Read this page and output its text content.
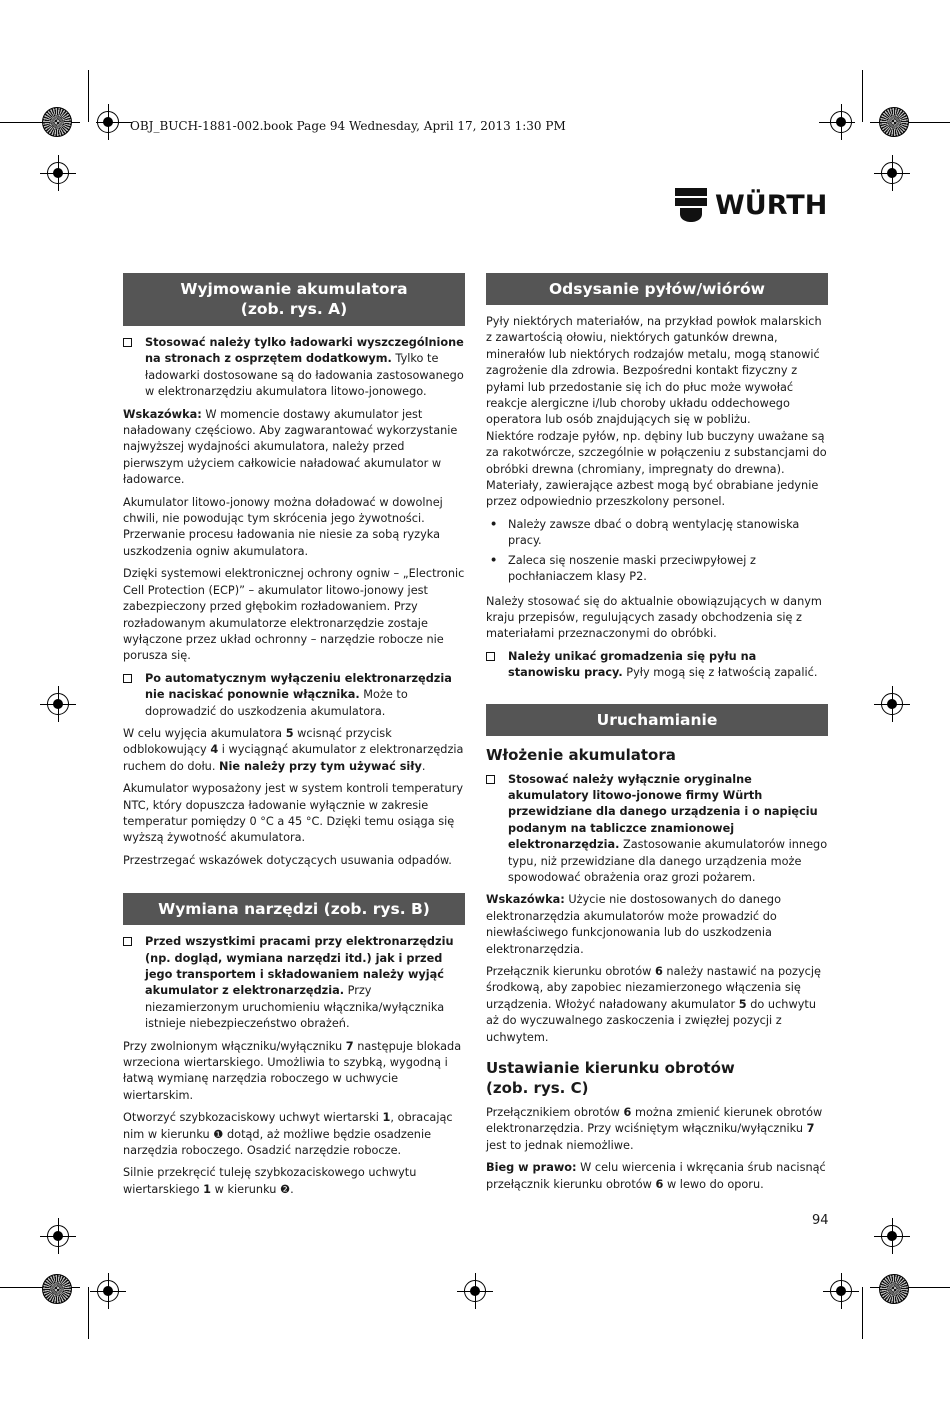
OBJ_BUCH-1881-002.book Page 94 Wednesday, April 17, 2013 1:30 PM
WÜRTH
Wyjmowanie akumulatora
(zob. rys. A)
Stosować należy tylko ładowarki wyszczególnione na stronach z osprzętem dodatkowym. Tylko te ładowarki dostosowane są do ładowania zastosowanego w elektronarzędziu akumulatora litowo-jonowego.

Wskazówka: W momencie dostawy akumulator jest naładowany częściowo. Aby zagwarantować wykorzystanie najwyższej wydajności akumulatora, należy przed pierwszym użyciem całkowicie naładować akumulator w ładowarce.

Akumulator litowo-jonowy można doładować w dowolnej chwili, nie powodując tym skrócenia jego żywotności. Przerwanie procesu ładowania nie niesie za sobą ryzyka uszkodzenia ogniw akumulatora.

Dzięki systemowi elektronicznej ochrony ogniw – „Electronic Cell Protection (ECP)” – akumulator litowo-jonowy jest zabezpieczony przed głębokim rozładowaniem. Przy rozładowanym akumulatorze elektronarzędzie zostaje wyłączone przez układ ochronny – narzędzie robocze nie porusza się.

Po automatycznym wyłączeniu elektronarzędzia nie naciskać ponownie włącznika. Może to doprowadzić do uszkodzenia akumulatora.

W celu wyjęcia akumulatora 5 wcisnąć przycisk odblokowujący 4 i wyciągnąć akumulator z elektronarzędzia ruchem do dołu. Nie należy przy tym używać siły.

Akumulator wyposażony jest w system kontroli temperatury NTC, który dopuszcza ładowanie wyłącznie w zakresie temperatur pomiędzy 0 °C a 45 °C. Dzięki temu osiąga się wyższą żywotność akumulatora.

Przestrzegać wskazówek dotyczących usuwania odpadów.

Wymiana narzędzi (zob. rys. B)
Przed wszystkimi pracami przy elektronarzędziu (np. dogląd, wymiana narzędzi itd.) jak i przed jego transportem i składowaniem należy wyjąć akumulator z elektronarzędzia. Przy niezamierzonym uruchomieniu włącznika/wyłącznika istnieje niebezpieczeństwo obrażeń.

Przy zwolnionym włączniku/wyłączniku 7 następuje blokada wrzeciona wiertarskiego. Umożliwia to szybką, wygodną i łatwą wymianę narzędzia roboczego w uchwycie wiertarskim.

Otworzyć szybkozaciskowy uchwyt wiertarski 1, obracając nim w kierunku ❶ dotąd, aż możliwe będzie osadzenie narzędzia roboczego. Osadzić narzędzie robocze.

Silnie przekręcić tuleję szybkozaciskowego uchwytu wiertarskiego 1 w kierunku ❷.

Odsysanie pyłów/wiórów

Pyły niektórych materiałów, na przykład powłok malarskich z zawartością ołowiu, niektórych gatunków drewna, minerałów lub niektórych rodzajów metalu, mogą stanowić zagrożenie dla zdrowia. Bezpośredni kontakt fizyczny z pyłami lub przedostanie się ich do płuc może wywołać reakcje alergiczne i/lub choroby układu oddechowego operatora lub osób znajdujących się w pobliżu.

Niektóre rodzaje pyłów, np. dębiny lub buczyny uważane są za rakotwórcze, szczególnie w połączeniu z substancjami do obróbki drewna (chromiany, impregnaty do drewna). Materiały, zawierające azbest mogą być obrabiane jedynie przez odpowiednio przeszkolony personel.

• Należy zawsze dbać o dobrą wentylację stanowiska pracy.
• Zaleca się noszenie maski przeciwpyłowej z pochłaniaczem klasy P2.

Należy stosować się do aktualnie obowiązujących w danym kraju przepisów, regulujących zasady obchodzenia się z materiałami przeznaczonymi do obróbki.

Należy unikać gromadzenia się pyłu na stanowisku pracy. Pyły mogą się z łatwością zapalić.
Uruchamianie
Włożenie akumulatora
Stosować należy wyłącznie oryginalne akumulatory litowo-jonowe firmy Würth przewidziane dla danego urządzenia i o napięciu podanym na tabliczce znamionowej elektronarzędzia. Zastosowanie akumulatorów innego typu, niż przewidziane dla danego urządzenia może spowodować obrażenia oraz grozi pożarem.

Wskazówka: Użycie nie dostosowanych do danego elektronarzędzia akumulatorów może prowadzić do niewłaściwego funkcjonowania lub do uszkodzenia elektronarzędzia.

Przełącznik kierunku obrotów 6 należy nastawić na pozycję środkową, aby zapobiec niezamierzonego włączenia się urządzenia. Włożyć naładowany akumulator 5 do uchwytu aż do wyczuwalnego zaskoczenia i zwięzłej pozycji z uchwytem.

Ustawianie kierunku obrotów
(zob. rys. C)

Przełącznikiem obrotów 6 można zmienić kierunek obrotów elektronarzędzia. Przy wciśniętym włączniku/wyłączniku 7 jest to jednak niemożliwe.

Bieg w prawo: W celu wiercenia i wkręcania śrub nacisnąć przełącznik kierunku obrotów 6 w lewo do oporu.

94
